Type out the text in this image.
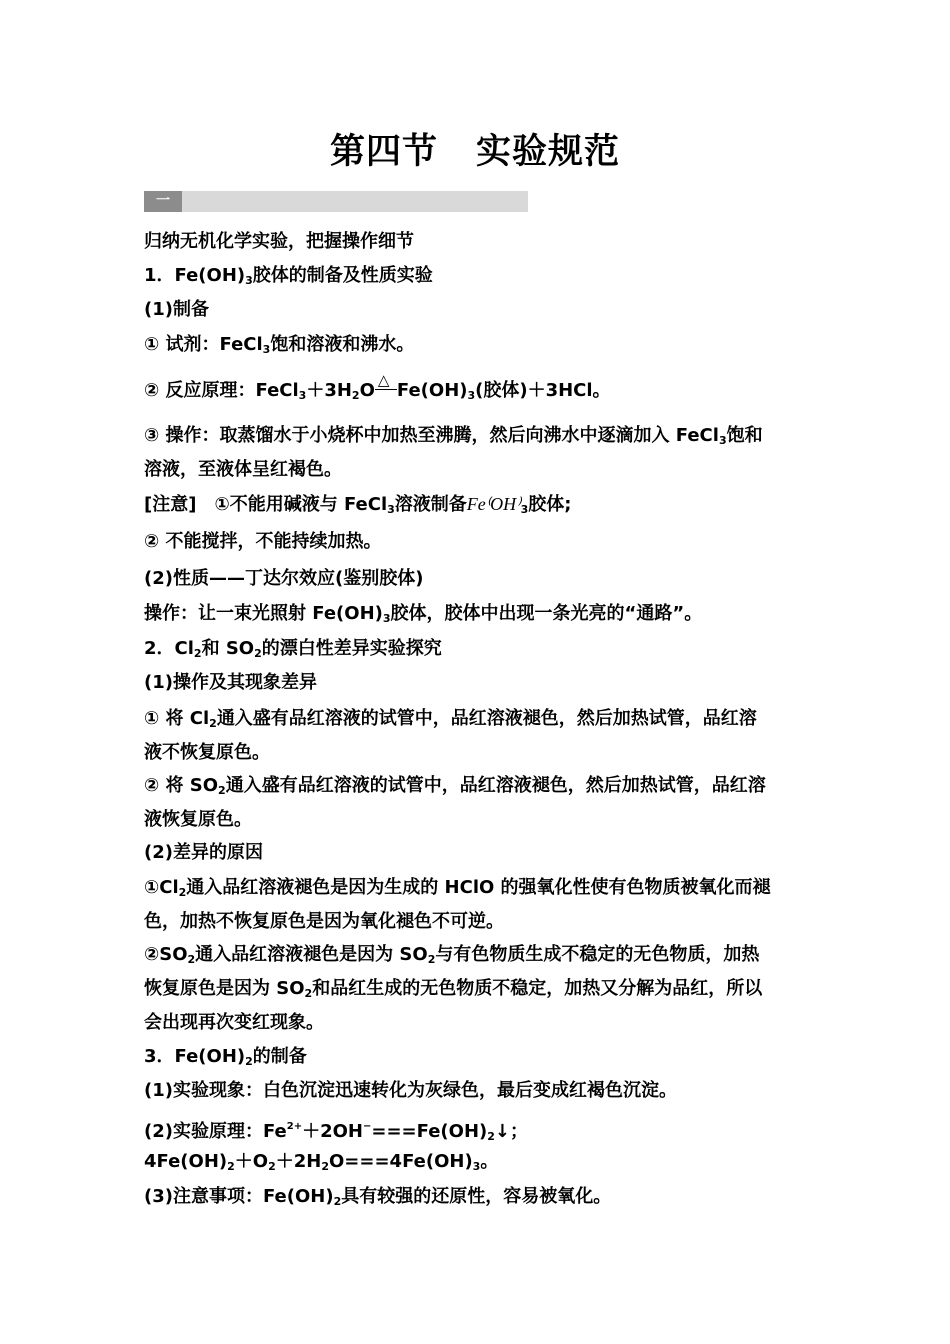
第四节 实验规范
一
归纳无机化学实验，把握操作细节
1．$Fe(OH)_3$胶体的制备及性质实验
(1)制备
① 试剂：FeCl$_3$饱和溶液和沸水。
② 反应原理：$FeCl_3+3H_2O$ △ $Fe(OH)_3$(胶体)＋3HCl。
③ 操作：取蒸馏水于小烧杯中加热至沸腾，然后向沸水中逐滴加入 FeCl$_3$饱和
溶液，至液体呈红褐色。
[注意]　①不能用碱液与 FeCl$_3$溶液制备$Fe^(OH^)_3$胶体;
② 不能搅拌，不能持续加热。
(2)性质——丁达尔效应(鉴别胶体)
操作：让一束光照射 $Fe(OH)_3$胶体，胶体中出现一条光亮的“通路”。
2．$Cl_2$和 $SO_2$的漂白性差异实验探究
(1)操作及其现象差异
① 将 $Cl_2$通入盛有品红溶液的试管中，品红溶液褪色，然后加热试管，品红溶
液不恢复原色。
② 将 $SO_2$通入盛有品红溶液的试管中，品红溶液褪色，然后加热试管，品红溶
液恢复原色。
(2)差异的原因
$①Cl_2$通入品红溶液褪色是因为生成的 HClO 的强氧化性使有色物质被氧化而褪
色，加热不恢复原色是因为氧化褪色不可逆。
$②SO_2$通入品红溶液褪色是因为 $SO_2$与有色物质生成不稳定的无色物质，加热
恢复原色是因为 $SO_2$和品红生成的无色物质不稳定，加热又分解为品红，所以
会出现再次变红现象。
3．$Fe(OH)_2$的制备
(1)实验现象：白色沉淀迅速转化为灰绿色，最后变成红褐色沉淀。
(2)实验原理：$Fe^{2+}+2OH^-===Fe(OH)_2↓$；
$4Fe(OH)_2+O_2+2H_2O===4Fe(OH)_3$。
(3)注意事项：$Fe(OH)_2$具有较强的还原性，容易被氧化。
